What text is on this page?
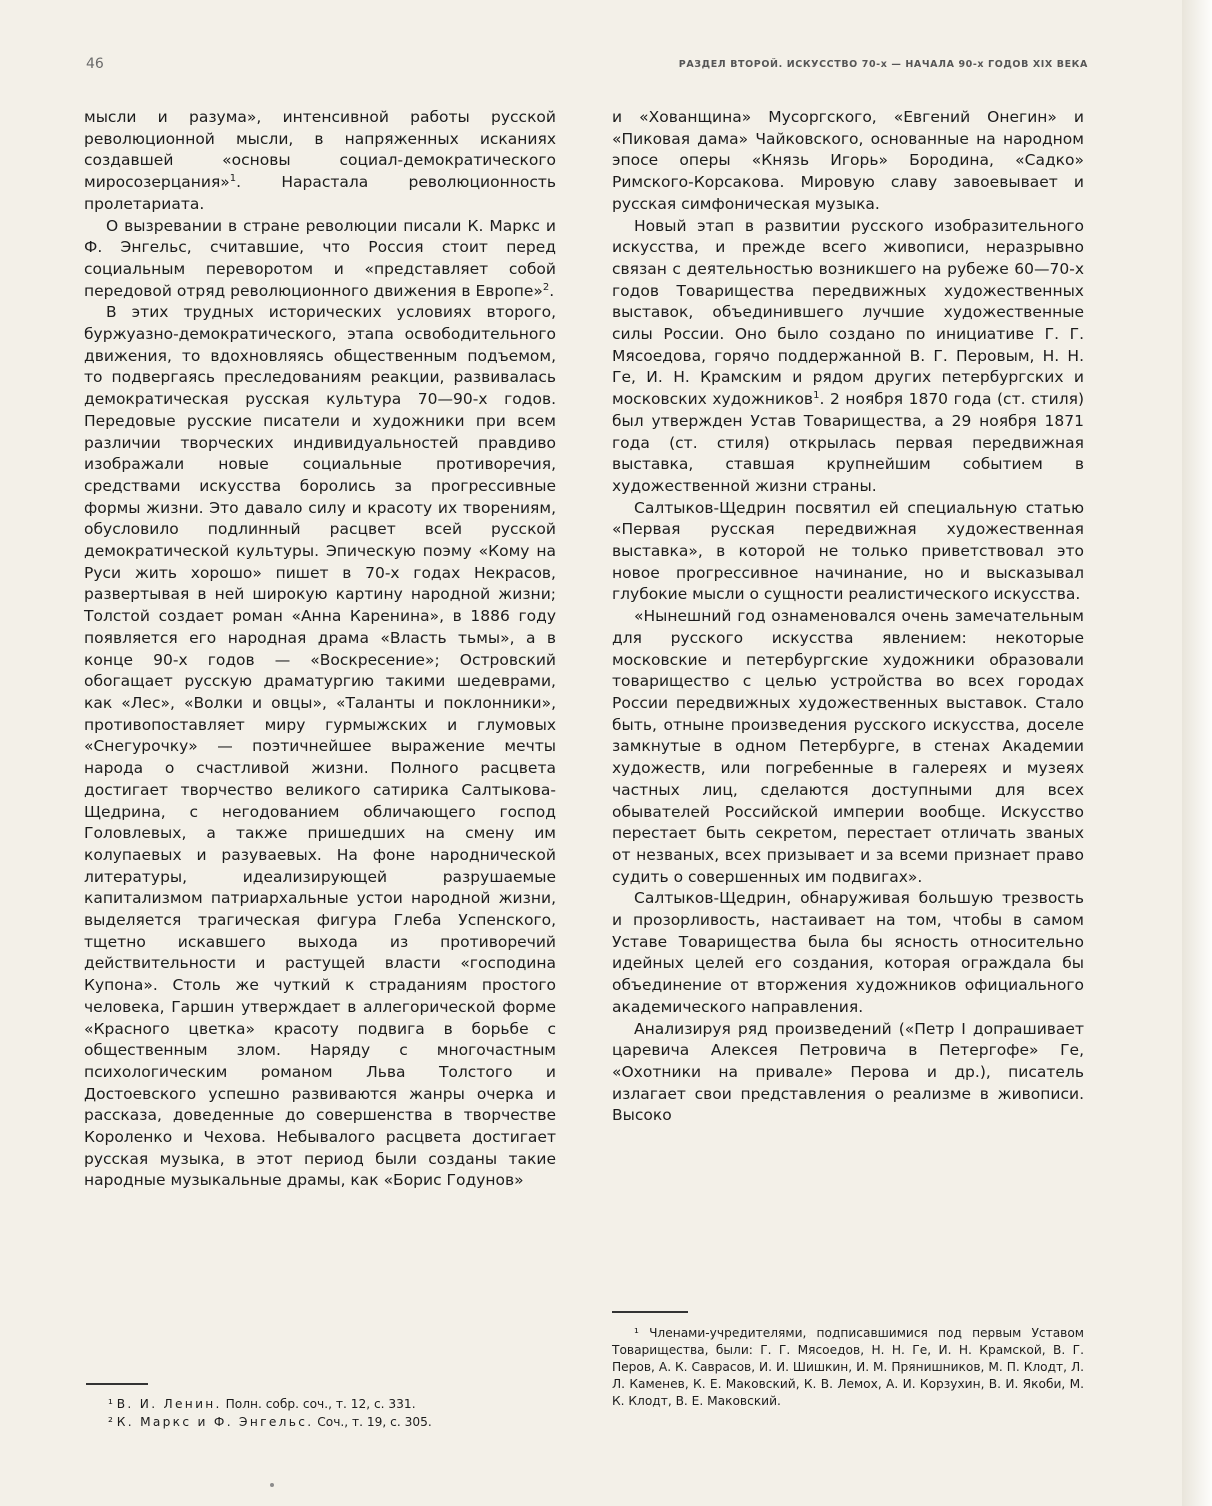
46	РАЗДЕЛ ВТОРОЙ. ИСКУССТВО 70-х — НАЧАЛА 90-х ГОДОВ XIX ВЕКА

мысли и разума», интенсивной работы русской революционной мысли, в напряженных исканиях создавшей «основы социал-демократического миросозерцания»$^1$. Нарастала революционность пролетариата.

О вызревании в стране революции писали К. Маркс и Ф. Энгельс, считавшие, что Россия стоит перед социальным переворотом и «представляет собой передовой отряд революционного движения в Европе»$^2$.

В этих трудных исторических условиях второго, буржуазно-демократического, этапа освободительного движения, то вдохновляясь общественным подъемом, то подвергаясь преследованиям реакции, развивалась демократическая русская культура 70—90-х годов. Передовые русские писатели и художники при всем различии творческих индивидуальностей правдиво изображали новые социальные противоречия, средствами искусства боролись за прогрессивные формы жизни. Это давало силу и красоту их творениям, обусловило подлинный расцвет всей русской демократической культуры. Эпическую поэму «Кому на Руси жить хорошо» пишет в 70-х годах Некрасов, развертывая в ней широкую картину народной жизни; Толстой создает роман «Анна Каренина», в 1886 году появляется его народная драма «Власть тьмы», а в конце 90-х годов — «Воскресение»; Островский обогащает русскую драматургию такими шедеврами, как «Лес», «Волки и овцы», «Таланты и поклонники», противопоставляет миру гурмыжских и глумовых «Снегурочку» — поэтичнейшее выражение мечты народа о счастливой жизни. Полного расцвета достигает творчество великого сатирика Салтыкова-Щедрина, с негодованием обличающего господ Головлевых, а также пришедших на смену им колупаевых и разуваевых. На фоне народнической литературы, идеализирующей разрушаемые капитализмом патриархальные устои народной жизни, выделяется трагическая фигура Глеба Успенского, тщетно искавшего выхода из противоречий действительности и растущей власти «господина Купона». Столь же чуткий к страданиям простого человека, Гаршин утверждает в аллегорической форме «Красного цветка» красоту подвига в борьбе с общественным злом. Наряду с многочастным психологическим романом Льва Толстого и Достоевского успешно развиваются жанры очерка и рассказа, доведенные до совершенства в творчестве Короленко и Чехова. Небывалого расцвета достигает русская музыка, в этот период были созданы такие народные музыкальные драмы, как «Борис Годунов»

и «Хованщина» Мусоргского, «Евгений Онегин» и «Пиковая дама» Чайковского, основанные на народном эпосе оперы «Князь Игорь» Бородина, «Садко» Римского-Корсакова. Мировую славу завоевывает и русская симфоническая музыка.

Новый этап в развитии русского изобразительного искусства, и прежде всего живописи, неразрывно связан с деятельностью возникшего на рубеже 60—70-х годов Товарищества передвижных художественных выставок, объединившего лучшие художественные силы России. Оно было создано по инициативе Г. Г. Мясоедова, горячо поддержанной В. Г. Перовым, Н. Н. Ге, И. Н. Крамским и рядом других петербургских и московских художников$^1$. 2 ноября 1870 года (ст. стиля) был утвержден Устав Товарищества, а 29 ноября 1871 года (ст. стиля) открылась первая передвижная выставка, ставшая крупнейшим событием в художественной жизни страны.

Салтыков-Щедрин посвятил ей специальную статью «Первая русская передвижная художественная выставка», в которой не только приветствовал это новое прогрессивное начинание, но и высказывал глубокие мысли о сущности реалистического искусства.

«Нынешний год ознаменовался очень замечательным для русского искусства явлением: некоторые московские и петербургские художники образовали товарищество с целью устройства во всех городах России передвижных художественных выставок. Стало быть, отныне произведения русского искусства, доселе замкнутые в одном Петербурге, в стенах Академии художеств, или погребенные в галереях и музеях частных лиц, сделаются доступными для всех обывателей Российской империи вообще. Искусство перестает быть секретом, перестает отличать званых от незваных, всех призывает и за всеми признает право судить о совершенных им подвигах».

Салтыков-Щедрин, обнаруживая большую трезвость и прозорливость, настаивает на том, чтобы в самом Уставе Товарищества была бы ясность относительно идейных целей его создания, которая ограждала бы объединение от вторжения художников официального академического направления.

Анализируя ряд произведений («Петр I допрашивает царевича Алексея Петровича в Петергофе» Ге, «Охотники на привале» Перова и др.), писатель излагает свои представления о реализме в живописи. Высоко

¹ В. И. Ленин. Полн. собр. соч., т. 12, с. 331.

² К. Маркс и Ф. Энгельс. Соч., т. 19, с. 305.

¹ Членами-учредителями, подписавшимися под первым Уставом Товарищества, были: Г. Г. Мясоедов, Н. Н. Ге, И. Н. Крамской, В. Г. Перов, А. К. Саврасов, И. И. Шишкин, И. М. Прянишников, М. П. Клодт, Л. Л. Каменев, К. Е. Маковский, К. В. Лемох, А. И. Корзухин, В. И. Якоби, М. К. Клодт, В. Е. Маковский.
